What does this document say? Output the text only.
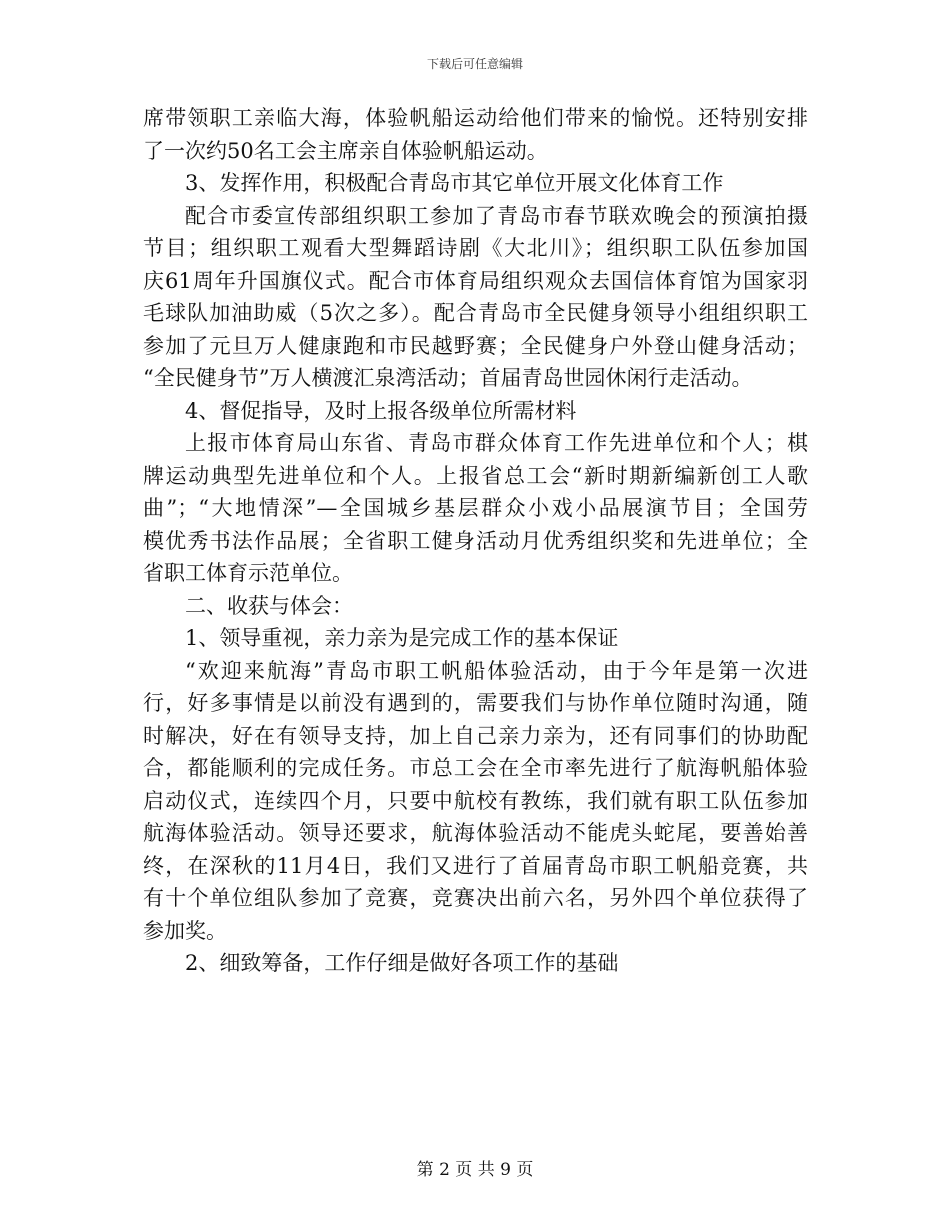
下载后可任意编辑
席带领职工亲临大海，体验帆船运动给他们带来的愉悦。还特别安排
了一次约50名工会主席亲自体验帆船运动。
3、发挥作用，积极配合青岛市其它单位开展文化体育工作
配合市委宣传部组织职工参加了青岛市春节联欢晚会的预演拍摄
节目；组织职工观看大型舞蹈诗剧《大北川》；组织职工队伍参加国
庆61周年升国旗仪式。配合市体育局组织观众去国信体育馆为国家羽
毛球队加油助威（5次之多）。配合青岛市全民健身领导小组组织职工
参加了元旦万人健康跑和市民越野赛；全民健身户外登山健身活动；
“全民健身节”万人横渡汇泉湾活动；首届青岛世园休闲行走活动。
4、督促指导，及时上报各级单位所需材料
上报市体育局山东省、青岛市群众体育工作先进单位和个人；棋
牌运动典型先进单位和个人。上报省总工会“新时期新编新创工人歌
曲”；“大地情深”—全国城乡基层群众小戏小品展演节目；全国劳
模优秀书法作品展；全省职工健身活动月优秀组织奖和先进单位；全
省职工体育示范单位。
二、收获与体会：
1、领导重视，亲力亲为是完成工作的基本保证
“欢迎来航海”青岛市职工帆船体验活动，由于今年是第一次进
行，好多事情是以前没有遇到的，需要我们与协作单位随时沟通，随
时解决，好在有领导支持，加上自己亲力亲为，还有同事们的协助配
合，都能顺利的完成任务。市总工会在全市率先进行了航海帆船体验
启动仪式，连续四个月，只要中航校有教练，我们就有职工队伍参加
航海体验活动。领导还要求，航海体验活动不能虎头蛇尾，要善始善
终，在深秋的11月4日，我们又进行了首届青岛市职工帆船竞赛，共
有十个单位组队参加了竞赛，竞赛决出前六名，另外四个单位获得了
参加奖。
2、细致筹备，工作仔细是做好各项工作的基础
第 2 页 共 9 页
